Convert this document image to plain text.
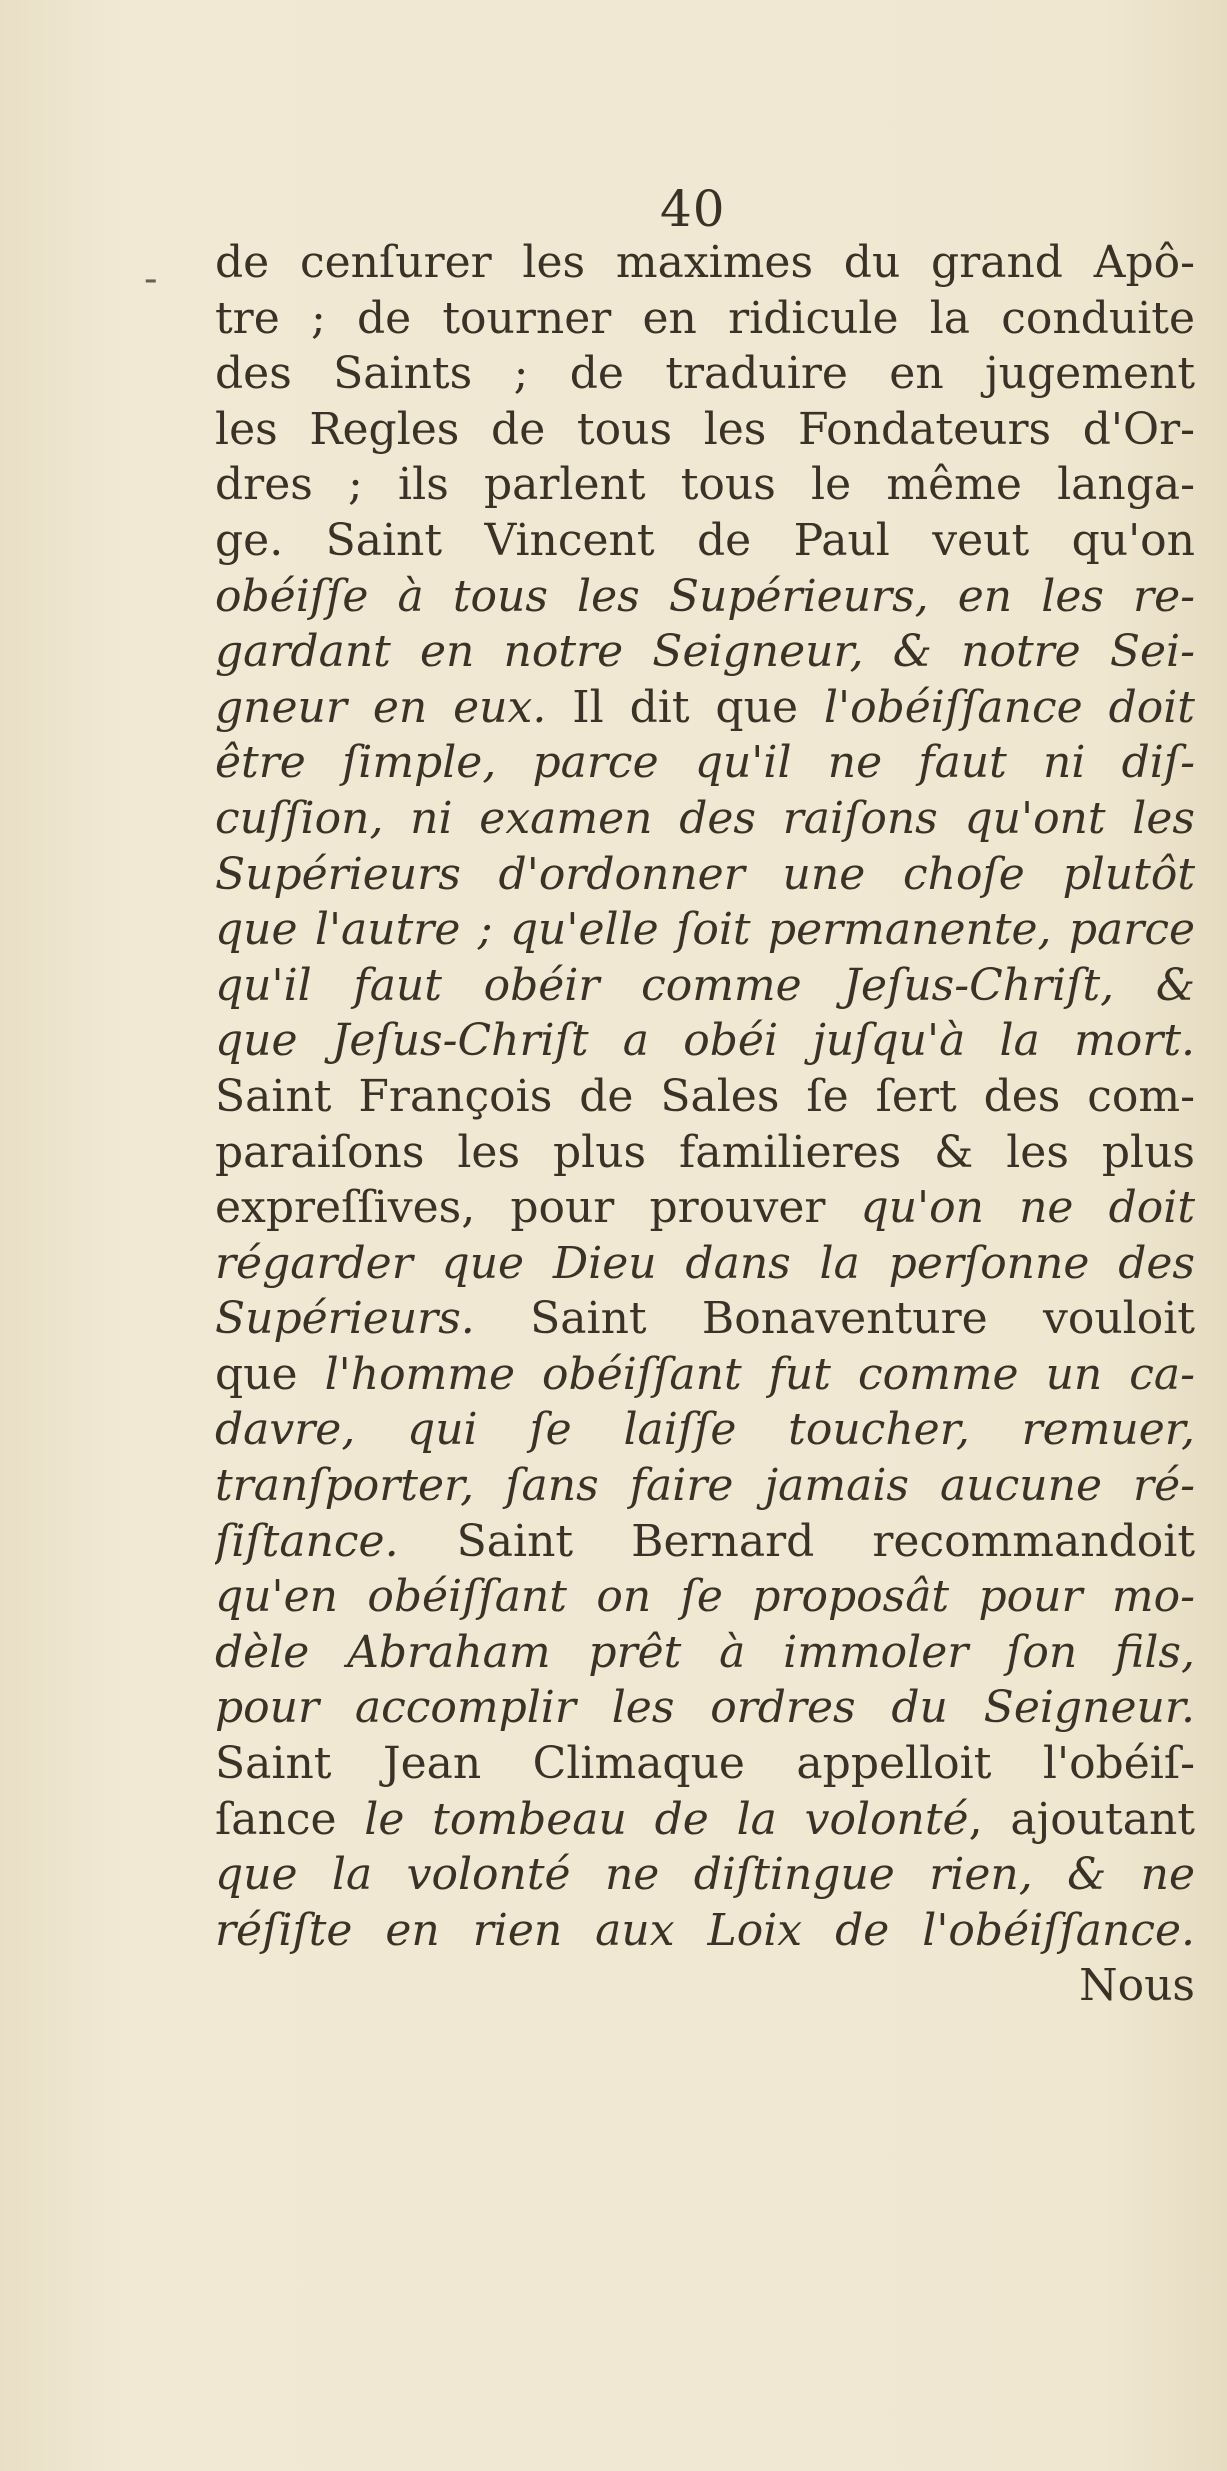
40
- de cenſurer les maximes du grand Apô-
tre ; de tourner en ridicule la conduite
des Saints ; de traduire en jugement
les Regles de tous les Fondateurs d'Or-
dres ; ils parlent tous le même langa-
ge. Saint Vincent de Paul veut qu'on
obéiſſe à tous les Supérieurs, en les re-
gardant en notre Seigneur, & notre Sei-
gneur en eux. Il dit que l'obéiſſance doit
être ſimple, parce qu'il ne faut ni diſ-
cuſſion, ni examen des raiſons qu'ont les
Supérieurs d'ordonner une choſe plutôt
que l'autre ; qu'elle ſoit permanente, parce
qu'il faut obéir comme Jeſus-Chriſt, &
que Jeſus-Chriſt a obéi juſqu'à la mort.
Saint François de Sales ſe ſert des com-
paraiſons les plus familieres & les plus
expreſſives, pour prouver qu'on ne doit
régarder que Dieu dans la perſonne des
Supérieurs. Saint Bonaventure vouloit
que l'homme obéiſſant fut comme un ca-
davre, qui ſe laiſſe toucher, remuer,
tranſporter, ſans faire jamais aucune ré-
ſiſtance. Saint Bernard recommandoit
qu'en obéiſſant on ſe proposât pour mo-
dèle Abraham prêt à immoler ſon fils,
pour accomplir les ordres du Seigneur.
Saint Jean Climaque appelloit l'obéiſ-
ſance le tombeau de la volonté, ajoutant
que la volonté ne diſtingue rien, & ne
réſiſte en rien aux Loix de l'obéiſſance.
Nous
